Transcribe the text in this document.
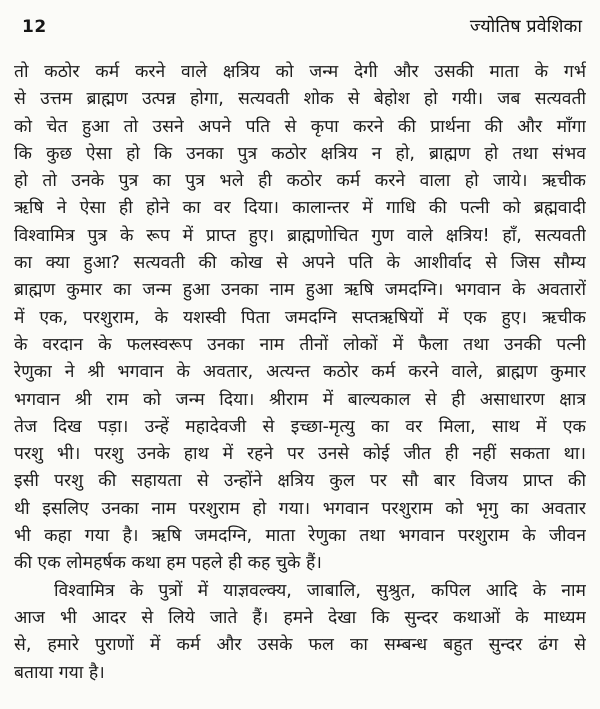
12	ज्योतिष प्रवेशिका
तो कठोर कर्म करने वाले क्षत्रिय को जन्म देगी और उसकी माता के गर्भ
से उत्तम ब्राह्मण उत्पन्न होगा, सत्यवती शोक से बेहोश हो गयी। जब सत्यवती
को चेत हुआ तो उसने अपने पति से कृपा करने की प्रार्थना की और माँगा
कि कुछ ऐसा हो कि उनका पुत्र कठोर क्षत्रिय न हो, ब्राह्मण हो तथा संभव
हो तो उनके पुत्र का पुत्र भले ही कठोर कर्म करने वाला हो जाये। ऋचीक
ऋषि ने ऐसा ही होने का वर दिया। कालान्तर में गाधि की पत्नी को ब्रह्मवादी
विश्वामित्र पुत्र के रूप में प्राप्त हुए। ब्राह्मणोचित गुण वाले क्षत्रिय! हाँ, सत्यवती
का क्या हुआ? सत्यवती की कोख से अपने पति के आशीर्वाद से जिस सौम्य
ब्राह्मण कुमार का जन्म हुआ उनका नाम हुआ ऋषि जमदग्नि। भगवान के अवतारों
में एक, परशुराम, के यशस्वी पिता जमदग्नि सप्तऋषियों में एक हुए। ऋचीक
के वरदान के फलस्वरूप उनका नाम तीनों लोकों में फैला तथा उनकी पत्नी
रेणुका ने श्री भगवान के अवतार, अत्यन्त कठोर कर्म करने वाले, ब्राह्मण कुमार
भगवान श्री राम को जन्म दिया। श्रीराम में बाल्यकाल से ही असाधारण क्षात्र
तेज दिख पड़ा। उन्हें महादेवजी से इच्छा-मृत्यु का वर मिला, साथ में एक
परशु भी। परशु उनके हाथ में रहने पर उनसे कोई जीत ही नहीं सकता था।
इसी परशु की सहायता से उन्होंने क्षत्रिय कुल पर सौ बार विजय प्राप्त की
थी इसलिए उनका नाम परशुराम हो गया। भगवान परशुराम को भृगु का अवतार
भी कहा गया है। ऋषि जमदग्नि, माता रेणुका तथा भगवान परशुराम के जीवन
की एक लोमहर्षक कथा हम पहले ही कह चुके हैं।
विश्वामित्र के पुत्रों में याज्ञवल्क्य, जाबालि, सुश्रुत, कपिल आदि के नाम
आज भी आदर से लिये जाते हैं। हमने देखा कि सुन्दर कथाओं के माध्यम
से, हमारे पुराणों में कर्म और उसके फल का सम्बन्ध बहुत सुन्दर ढंग से
बताया गया है।
